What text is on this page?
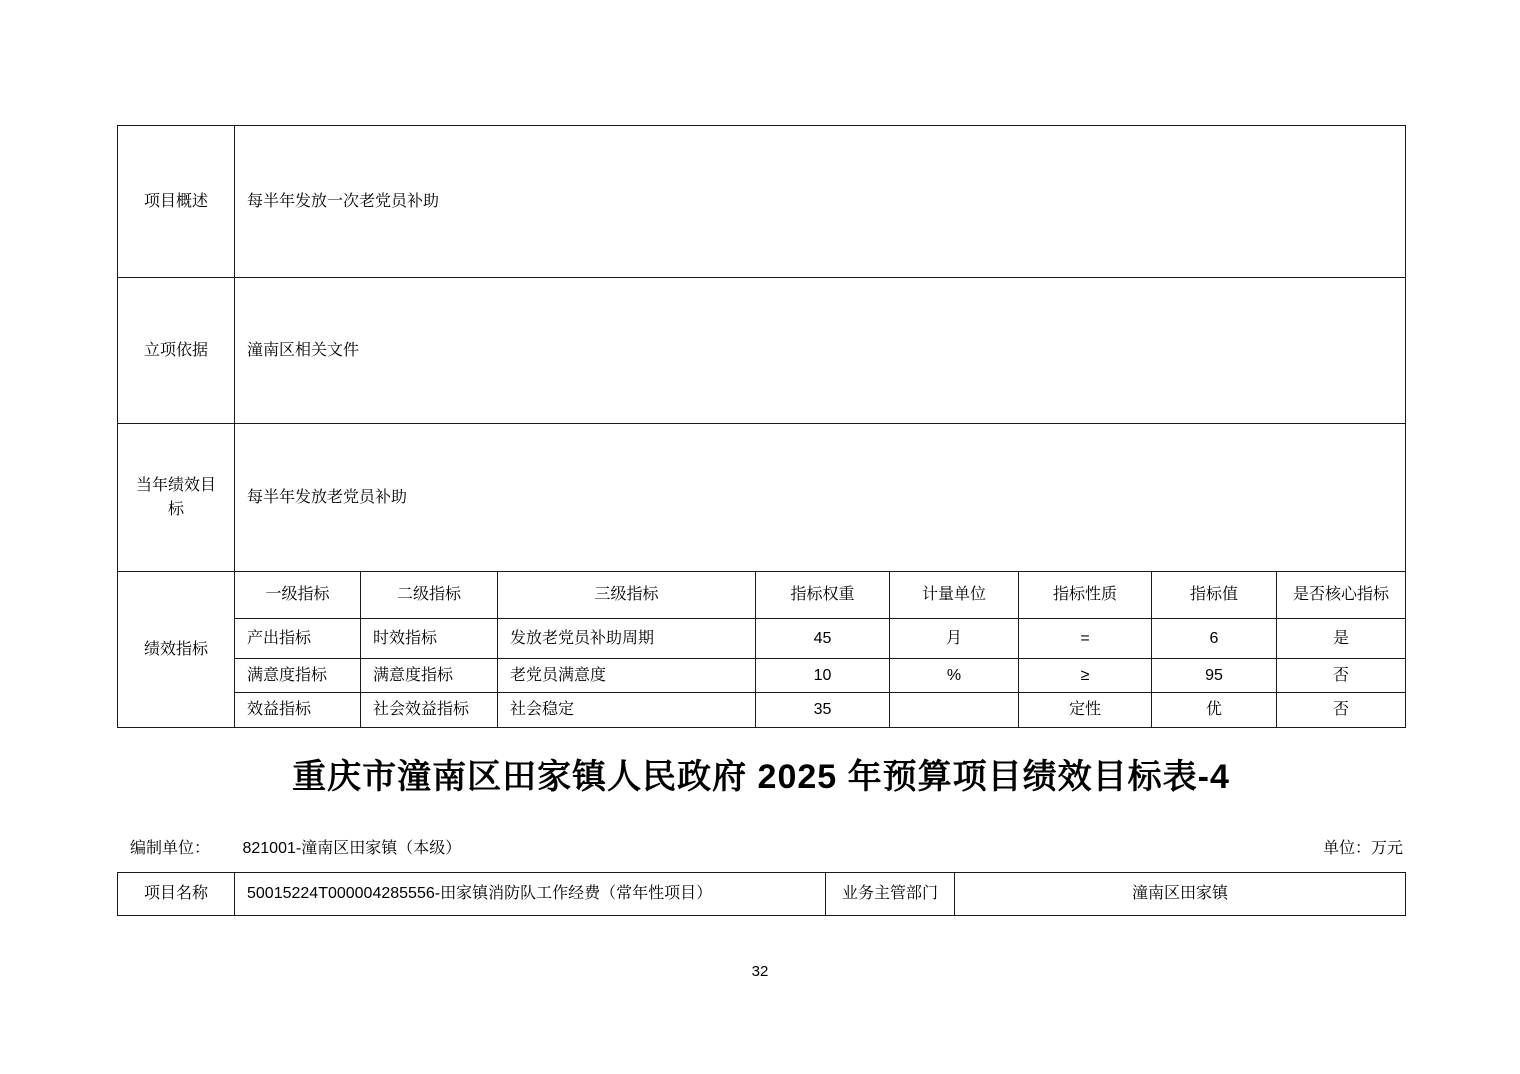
项目概述	每半年发放一次老党员补助							
立项依据	潼南区相关文件							
当年绩效目标	每半年发放老党员补助							
绩效指标	一级指标	二级指标	三级指标	指标权重	计量单位	指标性质	指标值	是否核心指标
	产出指标	时效指标	发放老党员补助周期	45	月	=	6	是
	满意度指标	满意度指标	老党员满意度	10	%	≥	95	否
	效益指标	社会效益指标	社会稳定	35		定性	优	否
重庆市潼南区田家镇人民政府 2025 年预算项目绩效目标表-4
编制单位： 821001-潼南区田家镇（本级）	单位：万元
项目名称	50015224T000004285556-田家镇消防队工作经费（常年性项目）	业务主管部门	潼南区田家镇
32
